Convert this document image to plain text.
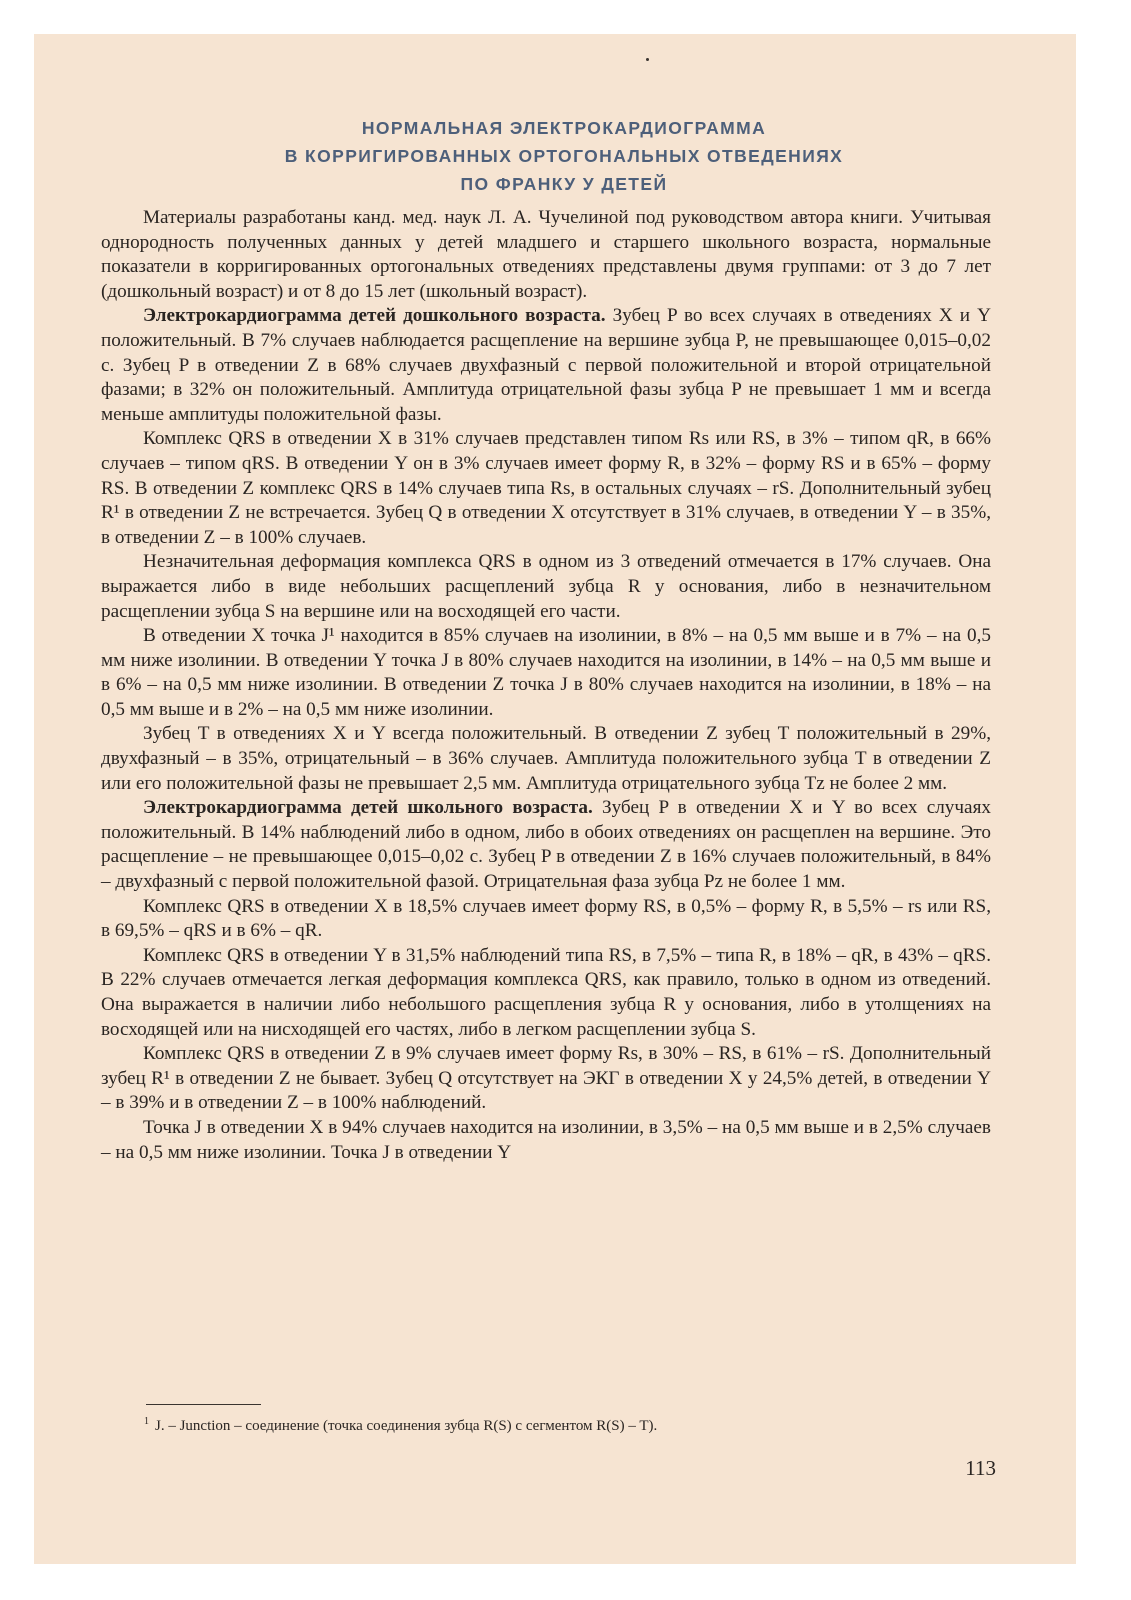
НОРМАЛЬНАЯ ЭЛЕКТРОКАРДИОГРАММА
В КОРРИГИРОВАННЫХ ОРТОГОНАЛЬНЫХ ОТВЕДЕНИЯХ
ПО ФРАНКУ У ДЕТЕЙ

Материалы разработаны канд. мед. наук Л. А. Чучелиной под руководством автора книги. Учитывая однородность полученных данных у детей младшего и старшего школьного возраста, нормальные показатели в корригированных ортогональных отведениях представлены двумя группами: от 3 до 7 лет (дошкольный возраст) и от 8 до 15 лет (школьный возраст).

Электрокардиограмма детей дошкольного возраста. Зубец P во всех случаях в отведениях X и Y положительный. В 7% случаев наблюдается расщепление на вершине зубца P, не превышающее 0,015–0,02 с. Зубец P в отведении Z в 68% случаев двухфазный с первой положительной и второй отрицательной фазами; в 32% он положительный. Амплитуда отрицательной фазы зубца P не превышает 1 мм и всегда меньше амплитуды положительной фазы.

Комплекс QRS в отведении X в 31% случаев представлен типом Rs или RS, в 3% – типом qR, в 66% случаев – типом qRS. В отведении Y он в 3% случаев имеет форму R, в 32% – форму RS и в 65% – форму RS. В отведении Z комплекс QRS в 14% случаев типа Rs, в остальных случаях – rS. Дополнительный зубец R¹ в отведении Z не встречается. Зубец Q в отведении X отсутствует в 31% случаев, в отведении Y – в 35%, в отведении Z – в 100% случаев.

Незначительная деформация комплекса QRS в одном из 3 отведений отмечается в 17% случаев. Она выражается либо в виде небольших расщеплений зубца R у основания, либо в незначительном расщеплении зубца S на вершине или на восходящей его части.

В отведении X точка J¹ находится в 85% случаев на изолинии, в 8% – на 0,5 мм выше и в 7% – на 0,5 мм ниже изолинии. В отведении Y точка J в 80% случаев находится на изолинии, в 14% – на 0,5 мм выше и в 6% – на 0,5 мм ниже изолинии. В отведении Z точка J в 80% случаев находится на изолинии, в 18% – на 0,5 мм выше и в 2% – на 0,5 мм ниже изолинии.

Зубец T в отведениях X и Y всегда положительный. В отведении Z зубец T положительный в 29%, двухфазный – в 35%, отрицательный – в 36% случаев. Амплитуда положительного зубца T в отведении Z или его положительной фазы не превышает 2,5 мм. Амплитуда отрицательного зубца Tz не более 2 мм.

Электрокардиограмма детей школьного возраста. Зубец P в отведении X и Y во всех случаях положительный. В 14% наблюдений либо в одном, либо в обоих отведениях он расщеплен на вершине. Это расщепление – не превышающее 0,015–0,02 с. Зубец P в отведении Z в 16% случаев положительный, в 84% – двухфазный с первой положительной фазой. Отрицательная фаза зубца Pz не более 1 мм.

Комплекс QRS в отведении X в 18,5% случаев имеет форму RS, в 0,5% – форму R, в 5,5% – rs или RS, в 69,5% – qRS и в 6% – qR.

Комплекс QRS в отведении Y в 31,5% наблюдений типа RS, в 7,5% – типа R, в 18% – qR, в 43% – qRS. В 22% случаев отмечается легкая деформация комплекса QRS, как правило, только в одном из отведений. Она выражается в наличии либо небольшого расщепления зубца R у основания, либо в утолщениях на восходящей или на нисходящей его частях, либо в легком расщеплении зубца S.

Комплекс QRS в отведении Z в 9% случаев имеет форму Rs, в 30% – RS, в 61% – rS. Дополнительный зубец R¹ в отведении Z не бывает. Зубец Q отсутствует на ЭКГ в отведении X у 24,5% детей, в отведении Y – в 39% и в отведении Z – в 100% наблюдений.

Точка J в отведении X в 94% случаев находится на изолинии, в 3,5% – на 0,5 мм выше и в 2,5% случаев – на 0,5 мм ниже изолинии. Точка J в отведении Y

$^1$ J. – Junction – соединение (точка соединения зубца R(S) с сегментом R(S) – T).
113
